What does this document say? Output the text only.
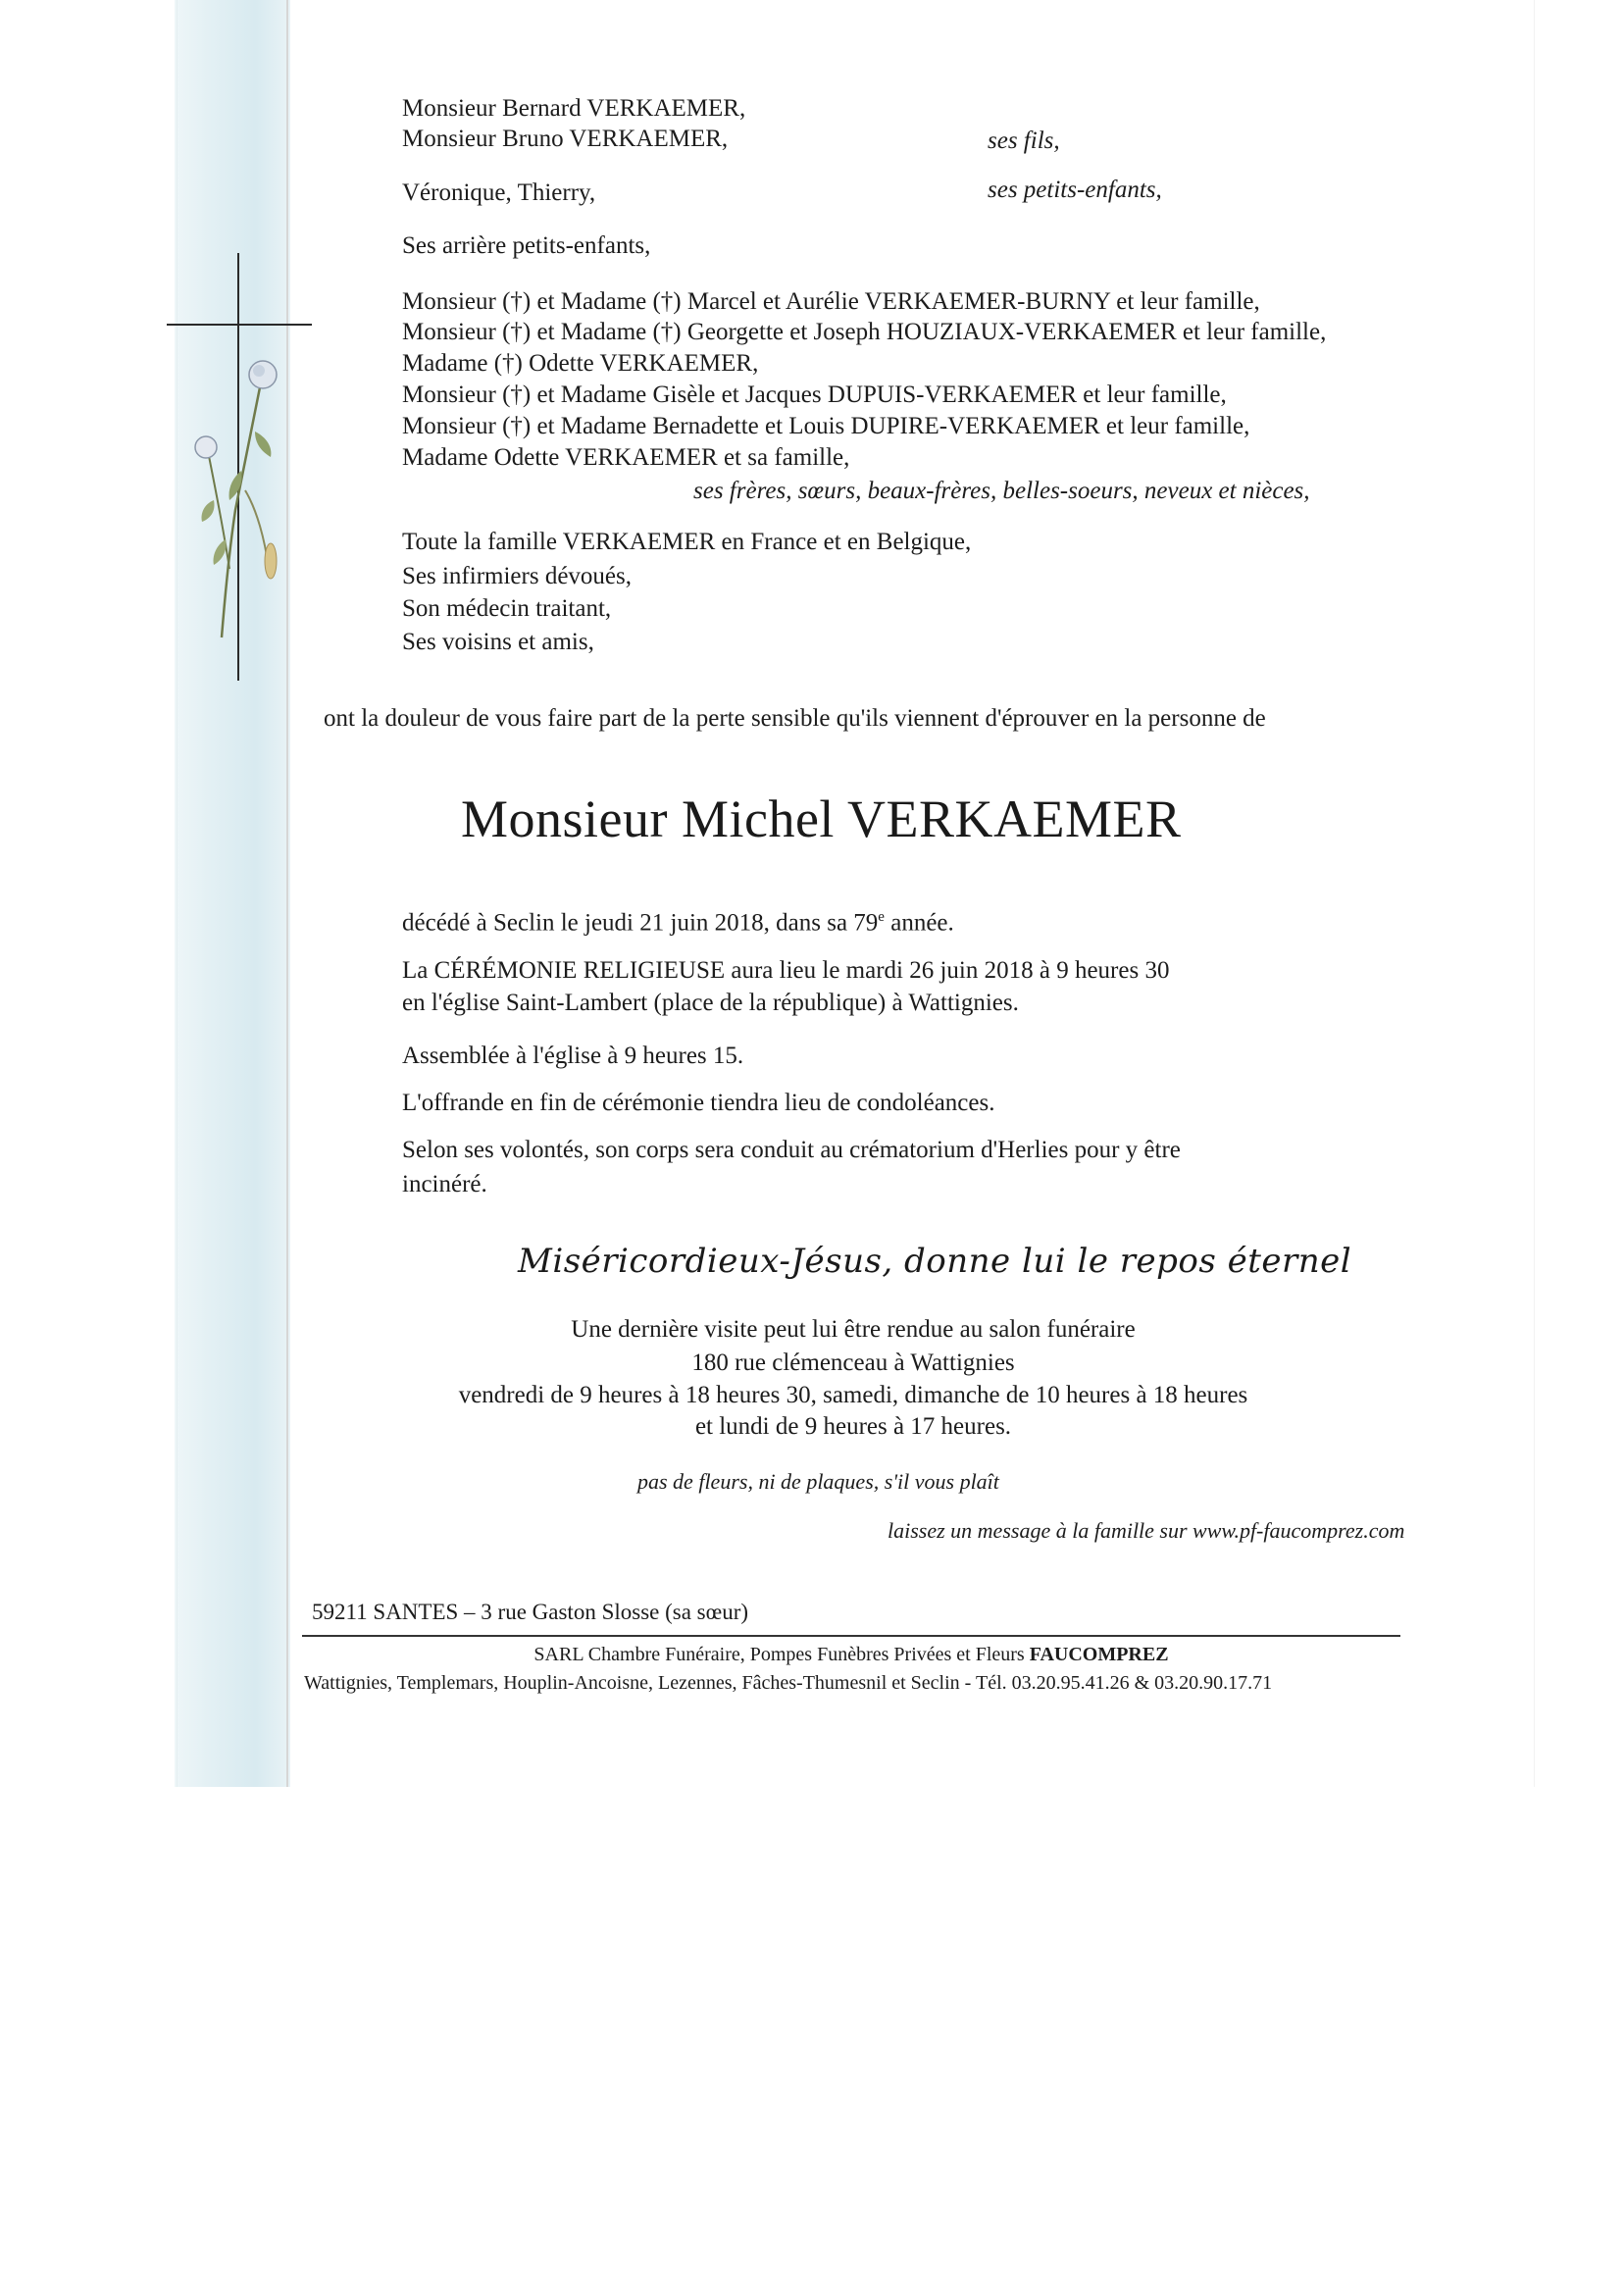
Monsieur Bernard VERKAEMER,
Monsieur Bruno VERKAEMER,	ses fils,
Véronique, Thierry,	ses petits-enfants,
Ses arrière petits-enfants,
Monsieur (†) et Madame (†) Marcel et Aurélie VERKAEMER-BURNY et leur famille,
Monsieur (†) et Madame (†) Georgette et Joseph HOUZIAUX-VERKAEMER et leur famille,
Madame (†) Odette VERKAEMER,
Monsieur (†) et Madame Gisèle et Jacques DUPUIS-VERKAEMER et leur famille,
Monsieur (†) et Madame Bernadette et Louis DUPIRE-VERKAEMER et leur famille,
Madame Odette VERKAEMER et sa famille,
ses frères, sœurs, beaux-frères, belles-soeurs, neveux et nièces,
Toute la famille VERKAEMER en France et en Belgique,
Ses infirmiers dévoués,
Son médecin traitant,
Ses voisins et amis,
ont la douleur de vous faire part de la perte sensible qu'ils viennent d'éprouver en la personne de
Monsieur Michel VERKAEMER
décédé à Seclin le jeudi 21 juin 2018, dans sa 79e année.
La CÉRÉMONIE RELIGIEUSE aura lieu le mardi 26 juin 2018 à 9 heures 30
en l'église Saint-Lambert (place de la république) à Wattignies.
Assemblée à l'église à 9 heures 15.
L'offrande en fin de cérémonie tiendra lieu de condoléances.
Selon ses volontés, son corps sera conduit au crématorium d'Herlies pour y être
incinéré.
Miséricordieux-Jésus, donne lui le repos éternel
Une dernière visite peut lui être rendue au salon funéraire
180 rue clémenceau à Wattignies
vendredi de 9 heures à 18 heures 30, samedi, dimanche de 10 heures à 18 heures
et lundi de 9 heures à 17 heures.
pas de fleurs, ni de plaques, s'il vous plaît
laissez un message à la famille sur www.pf-faucomprez.com
59211 SANTES – 3 rue Gaston Slosse (sa sœur)
SARL Chambre Funéraire, Pompes Funèbres Privées et Fleurs FAUCOMPREZ
Wattignies, Templemars, Houplin-Ancoisne, Lezennes, Fâches-Thumesnil et Seclin - Tél. 03.20.95.41.26 & 03.20.90.17.71
